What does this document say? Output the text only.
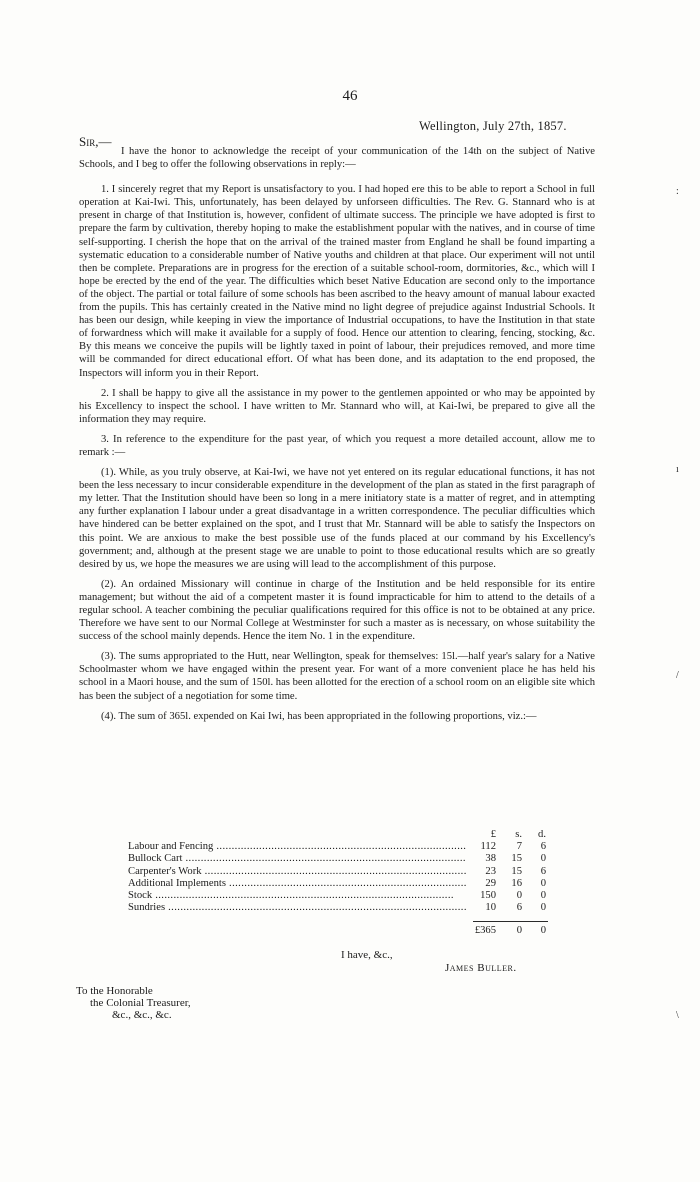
46
Wellington, July 27th, 1857.
Sir,—

I have the honor to acknowledge the receipt of your communication of the 14th on the subject of Native Schools, and I beg to offer the following observations in reply:—

1. I sincerely regret that my Report is unsatisfactory to you. I had hoped ere this to be able to report a School in full operation at Kai-Iwi. This, unfortunately, has been delayed by unforseen difficulties. The Rev. G. Stannard who is at present in charge of that Institution is, however, confident of ultimate success. The principle we have adopted is first to prepare the farm by cultivation, thereby hoping to make the establishment popular with the natives, and in course of time self-supporting. I cherish the hope that on the arrival of the trained master from England he shall be found imparting a systematic education to a considerable number of Native youths and children at that place. Our experiment will not until then be complete. Preparations are in progress for the erection of a suitable school-room, dormitories, &c., which will I hope be erected by the end of the year. The difficulties which beset Native Education are second only to the importance of the object. The partial or total failure of some schools has been ascribed to the heavy amount of manual labour exacted from the pupils. This has certainly created in the Native mind no light degree of prejudice against Industrial Schools. It has been our design, while keeping in view the importance of Industrial occupations, to have the Institution in that state of forwardness which will make it available for a supply of food. Hence our attention to clearing, fencing, stocking, &c. By this means we conceive the pupils will be lightly taxed in point of labour, their prejudices removed, and more time will be commanded for direct educational effort. Of what has been done, and its adaptation to the end proposed, the Inspectors will inform you in their Report.

2. I shall be happy to give all the assistance in my power to the gentlemen appointed or who may be appointed by his Excellency to inspect the school. I have written to Mr. Stannard who will, at Kai-Iwi, be prepared to give all the information they may require.

3. In reference to the expenditure for the past year, of which you request a more detailed account, allow me to remark :—

(1). While, as you truly observe, at Kai-Iwi, we have not yet entered on its regular educational functions, it has not been the less necessary to incur considerable expenditure in the development of the plan as stated in the first paragraph of my letter. That the Institution should have been so long in a mere initiatory state is a matter of regret, and in attempting any further explanation I labour under a great disadvantage in a written correspondence. The peculiar difficulties which have hindered can be better explained on the spot, and I trust that Mr. Stannard will be able to satisfy the Inspectors on this point. We are anxious to make the best possible use of the funds placed at our command by his Excellency's government; and, although at the present stage we are unable to point to those educational results which are so greatly desired by us, we hope the measures we are using will lead to the accomplishment of this purpose.

(2). An ordained Missionary will continue in charge of the Institution and be held responsible for its entire management; but without the aid of a competent master it is found impracticable for him to attend to the details of a regular school. A teacher combining the peculiar qualifications required for this office is not to be obtained at any price. Therefore we have sent to our Normal College at Westminster for such a master as is necessary, on whose suitability the success of the school mainly depends. Hence the item No. 1 in the expenditure.

(3). The sums appropriated to the Hutt, near Wellington, speak for themselves: 15l.—half year's salary for a Native Schoolmaster whom we have engaged within the present year. For want of a more convenient place he has held his school in a Maori house, and the sum of 150l. has been allotted for the erection of a school room on an eligible site which has been the subject of a negotiation for some time.

(4). The sum of 365l. expended on Kai Iwi, has been appropriated in the following proportions, viz.:—

£	s.	d.
Labour and Fencing .....	112	7	6
Bullock Cart .....	38	15	0
Carpenter's Work .....	23	15	6
Additional Implements .....	29	16	0
Stock .....	150	0	0
Sundries .....	10	6	0
£365	0	0
I have, &c.,
James Buller.
To the Honorable
the Colonial Treasurer,
&c., &c., &c.
:
ı
/
\
